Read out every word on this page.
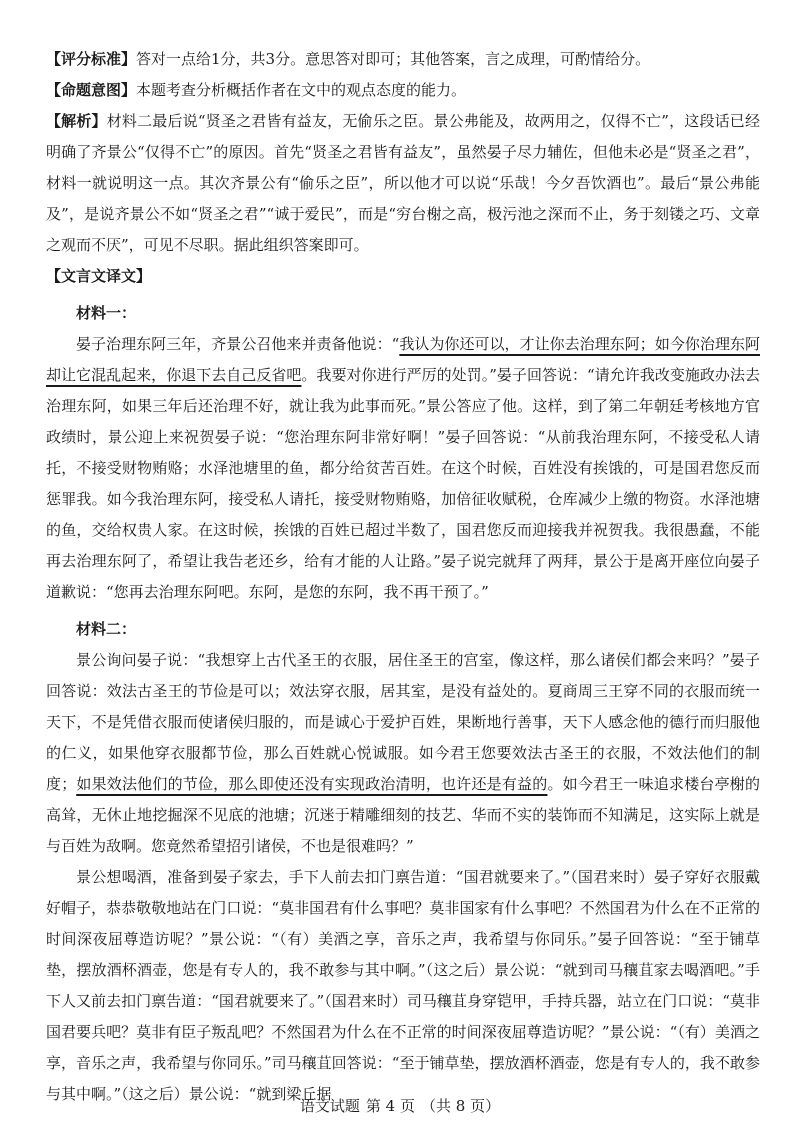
【评分标准】答对一点给1分，共3分。意思答对即可；其他答案，言之成理，可酌情给分。

【命题意图】本题考查分析概括作者在文中的观点态度的能力。

【解析】材料二最后说“贤圣之君皆有益友，无偷乐之臣。景公弗能及，故两用之，仅得不亡”，这段话已经明确了齐景公“仅得不亡”的原因。首先“贤圣之君皆有益友”，虽然晏子尽力辅佐，但他未必是“贤圣之君”，材料一就说明这一点。其次齐景公有“偷乐之臣”，所以他才可以说“乐哉！今夕吾饮酒也”。最后“景公弗能及”，是说齐景公不如“贤圣之君”“诚于爱民”，而是“穷台榭之高，极污池之深而不止，务于刻镂之巧、文章之观而不厌”，可见不尽职。据此组织答案即可。

【文言文译文】

材料一：

晏子治理东阿三年，齐景公召他来并责备他说：“我认为你还可以，才让你去治理东阿；如今你治理东阿却让它混乱起来，你退下去自己反省吧。我要对你进行严厉的处罚。”晏子回答说：“请允许我改变施政办法去治理东阿，如果三年后还治理不好，就让我为此事而死。”景公答应了他。这样，到了第二年朝廷考核地方官政绩时，景公迎上来祝贺晏子说：“您治理东阿非常好啊！”晏子回答说：“从前我治理东阿，不接受私人请托，不接受财物贿赂；水泽池塘里的鱼，都分给贫苦百姓。在这个时候，百姓没有挨饿的，可是国君您反而惩罪我。如今我治理东阿，接受私人请托，接受财物贿赂，加倍征收赋税，仓库减少上缴的物资。水泽池塘的鱼，交给权贵人家。在这时候，挨饿的百姓已超过半数了，国君您反而迎接我并祝贺我。我很愚蠢，不能再去治理东阿了，希望让我告老还乡，给有才能的人让路。”晏子说完就拜了两拜，景公于是离开座位向晏子道歉说：“您再去治理东阿吧。东阿，是您的东阿，我不再干预了。”

材料二：

景公询问晏子说：“我想穿上古代圣王的衣服，居住圣王的宫室，像这样，那么诸侯们都会来吗？”晏子回答说：效法古圣王的节俭是可以；效法穿衣服，居其室，是没有益处的。夏商周三王穿不同的衣服而统一天下，不是凭借衣服而使诸侯归服的，而是诚心于爱护百姓，果断地行善事，天下人感念他的德行而归服他的仁义，如果他穿衣服都节俭，那么百姓就心悦诚服。如今君王您要效法古圣王的衣服，不效法他们的制度；如果效法他们的节俭，那么即使还没有实现政治清明，也许还是有益的。如今君王一味追求楼台亭榭的高耸，无休止地挖掘深不见底的池塘；沉迷于精雕细刻的技艺、华而不实的装饰而不知满足，这实际上就是与百姓为敌啊。您竟然希望招引诸侯，不也是很难吗？”

景公想喝酒，准备到晏子家去，手下人前去扣门禀告道：“国君就要来了。”（国君来时）晏子穿好衣服戴好帽子，恭恭敬敬地站在门口说：“莫非国君有什么事吧？莫非国家有什么事吧？不然国君为什么在不正常的时间深夜屈尊造访呢？”景公说：“（有）美酒之享，音乐之声，我希望与你同乐。”晏子回答说：“至于铺草垫，摆放酒杯酒壶，您是有专人的，我不敢参与其中啊。”（这之后）景公说：“就到司马穰苴家去喝酒吧。”手下人又前去扣门禀告道：“国君就要来了。”（国君来时）司马穰苴身穿铠甲，手持兵器，站立在门口说：“莫非国君要兵吧？莫非有臣子叛乱吧？不然国君为什么在不正常的时间深夜屈尊造访呢？”景公说：“（有）美酒之享，音乐之声，我希望与你同乐。”司马穰苴回答说：“至于铺草垫，摆放酒杯酒壶，您是有专人的，我不敢参与其中啊。”（这之后）景公说：“就到梁丘据

语文试题 第 4 页 （共 8 页）
